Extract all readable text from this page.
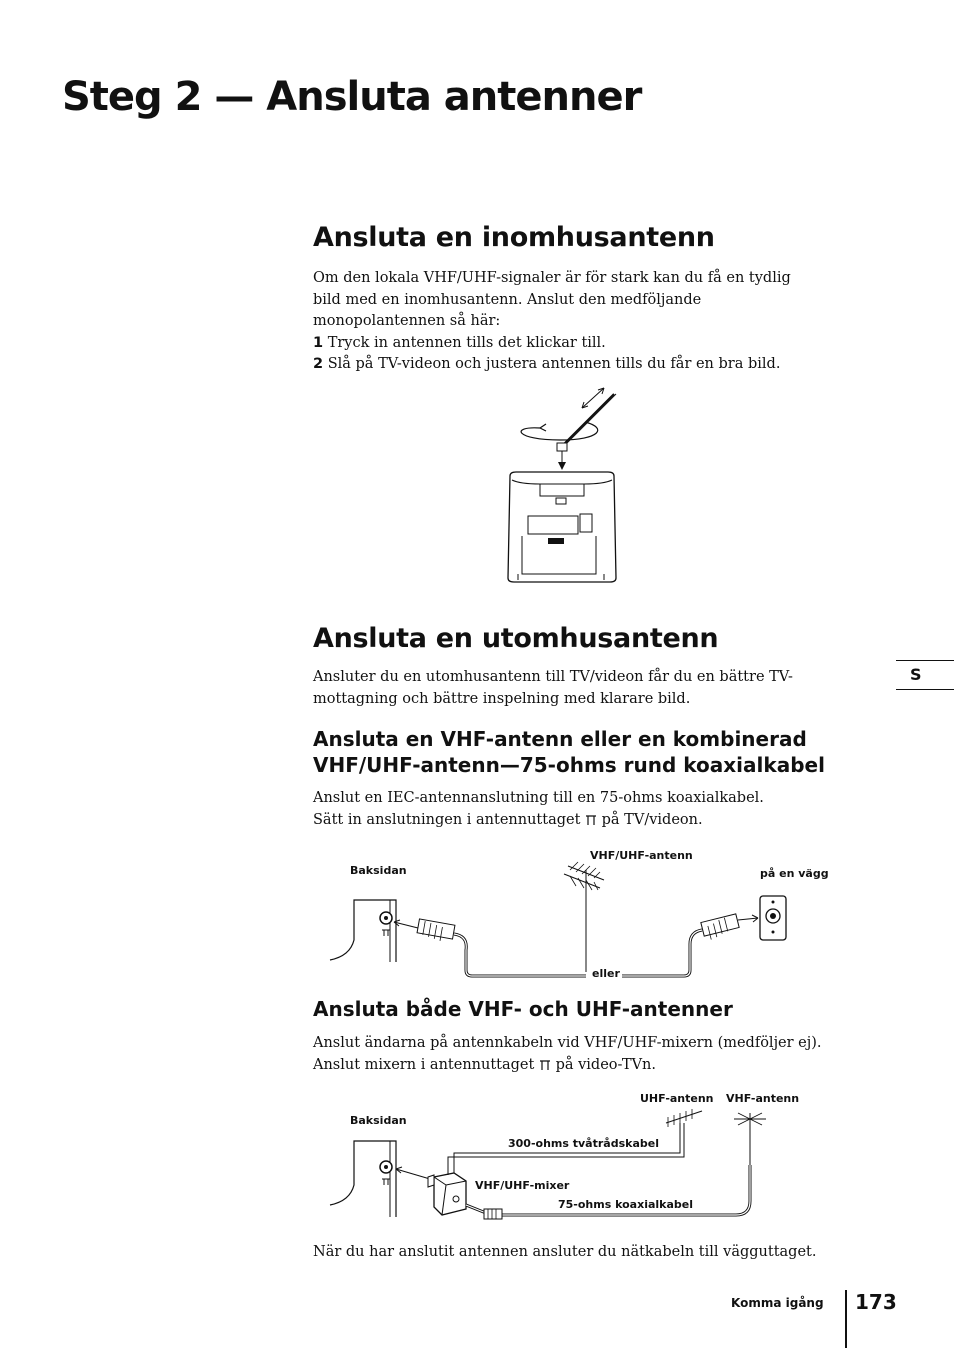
Steg 2 — Ansluta antenner
Ansluta en inomhusantenn
Om den lokala VHF/UHF-signaler är för stark kan du få en tydlig bild med en inomhusantenn. Anslut den medföljande monopolantennen så här:
1 Tryck in antennen tills det klickar till.
2 Slå på TV-videon och justera antennen tills du får en bra bild.
Ansluta en utomhusantenn
Ansluter du en utomhusantenn till TV/videon får du en bättre TV-mottagning och bättre inspelning med klarare bild.
S
Ansluta en VHF-antenn eller en kombinerad
VHF/UHF-antenn—75-ohms rund koaxialkabel
Anslut en IEC-antennanslutning till en 75-ohms koaxialkabel.
Sätt in anslutningen i antennuttaget på TV/videon.
Baksidan
VHF/UHF-antenn
på en vägg
eller
Ansluta både VHF- och UHF-antenner
Anslut ändarna på antennkabeln vid VHF/UHF-mixern (medföljer ej).
Anslut mixern i antennuttaget på video-TVn.
Baksidan
UHF-antenn VHF-antenn
300-ohms tvåtrådskabel
VHF/UHF-mixer
75-ohms koaxialkabel
När du har anslutit antennen ansluter du nätkabeln till vägguttaget.
Komma igång 173
